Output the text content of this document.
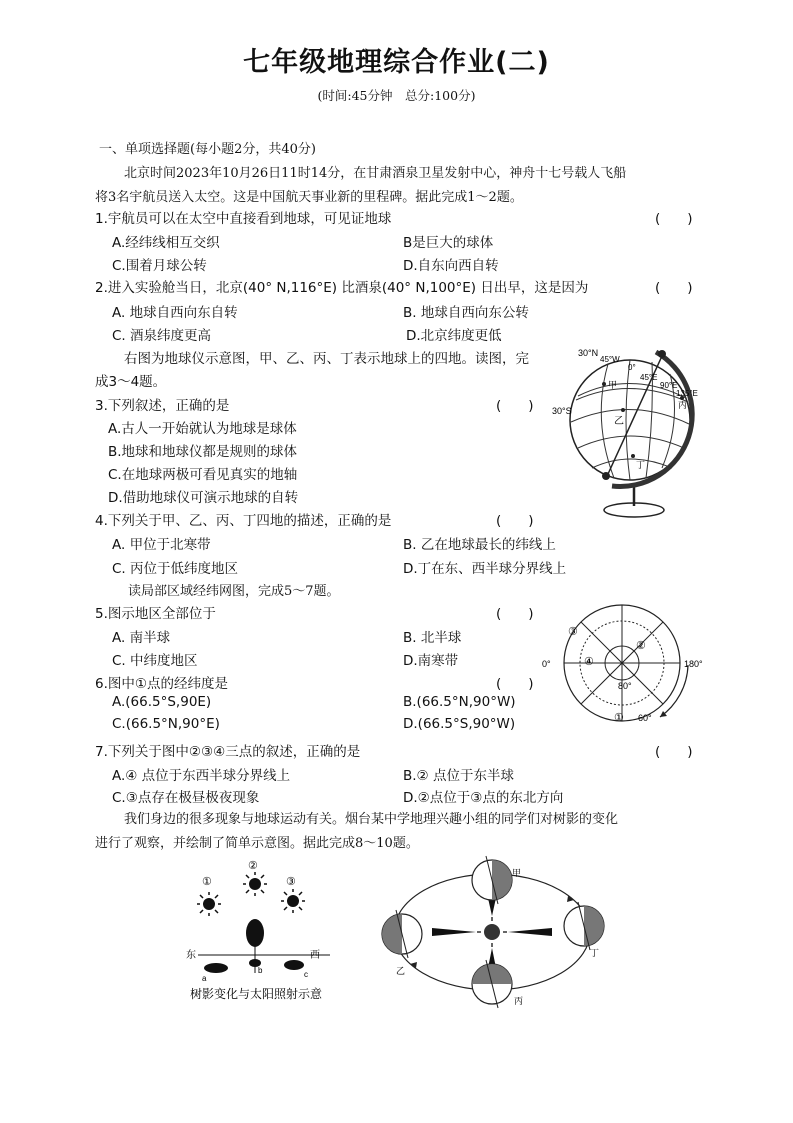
七年级地理综合作业(二)
(时间:45分钟　总分:100分)
一、单项选择题(每小题2分，共40分)
北京时间2023年10月26日11时14分，在甘肃酒泉卫星发射中心，神舟十七号载人飞船
将3名宇航员送入太空。这是中国航天事业新的里程碑。据此完成1～2题。
1.宇航员可以在太空中直接看到地球，可见证地球	(　　)
A.经纬线相互交织	B是巨大的球体
C.围着月球公转	D.自东向西自转
2.进入实验舱当日，北京(40° N,116°E) 比酒泉(40° N,100°E) 日出早，这是因为	(　　)
A. 地球自西向东自转	B. 地球自西向东公转
C. 酒泉纬度更高	D.北京纬度更低
右图为地球仪示意图，甲、乙、丙、丁表示地球上的四地。读图，完
成3～4题。
3.下列叙述，正确的是	(　　)
A.古人一开始就认为地球是球体
B.地球和地球仪都是规则的球体
C.在地球两极可看见真实的地轴
D.借助地球仪可演示地球的自转
4.下列关于甲、乙、丙、丁四地的描述，正确的是	(　　)
A. 甲位于北寒带	B. 乙在地球最长的纬线上
C. 丙位于低纬度地区	D.丁在东、西半球分界线上
读局部区域经纬网图，完成5～7题。
5.图示地区全部位于	(　　)
A. 南半球	B. 北半球
C. 中纬度地区	D.南寒带
6.图中①点的经纬度是	(　　)
A.(66.5°S,90E)	B.(66.5°N,90°W)
C.(66.5°N,90°E)	D.(66.5°S,90°W)
7.下列关于图中②③④三点的叙述，正确的是	(　　)
A.④ 点位于东西半球分界线上	B.② 点位于东半球
C.③点存在极昼极夜现象	D.②点位于③点的东北方向
我们身边的很多现象与地球运动有关。烟台某中学地理兴趣小组的同学们对树影的变化
进行了观察，并绘制了简单示意图。据此完成8～10题。
30°N
45°W
0°
45°E
90°E
135°E
30°S
甲
乙
丙
丁
0°	180°
80°
60°
①
②
③
④
①
②
③
东	西
a
b	c
树影变化与太阳照射示意
甲
乙
丙
丁
